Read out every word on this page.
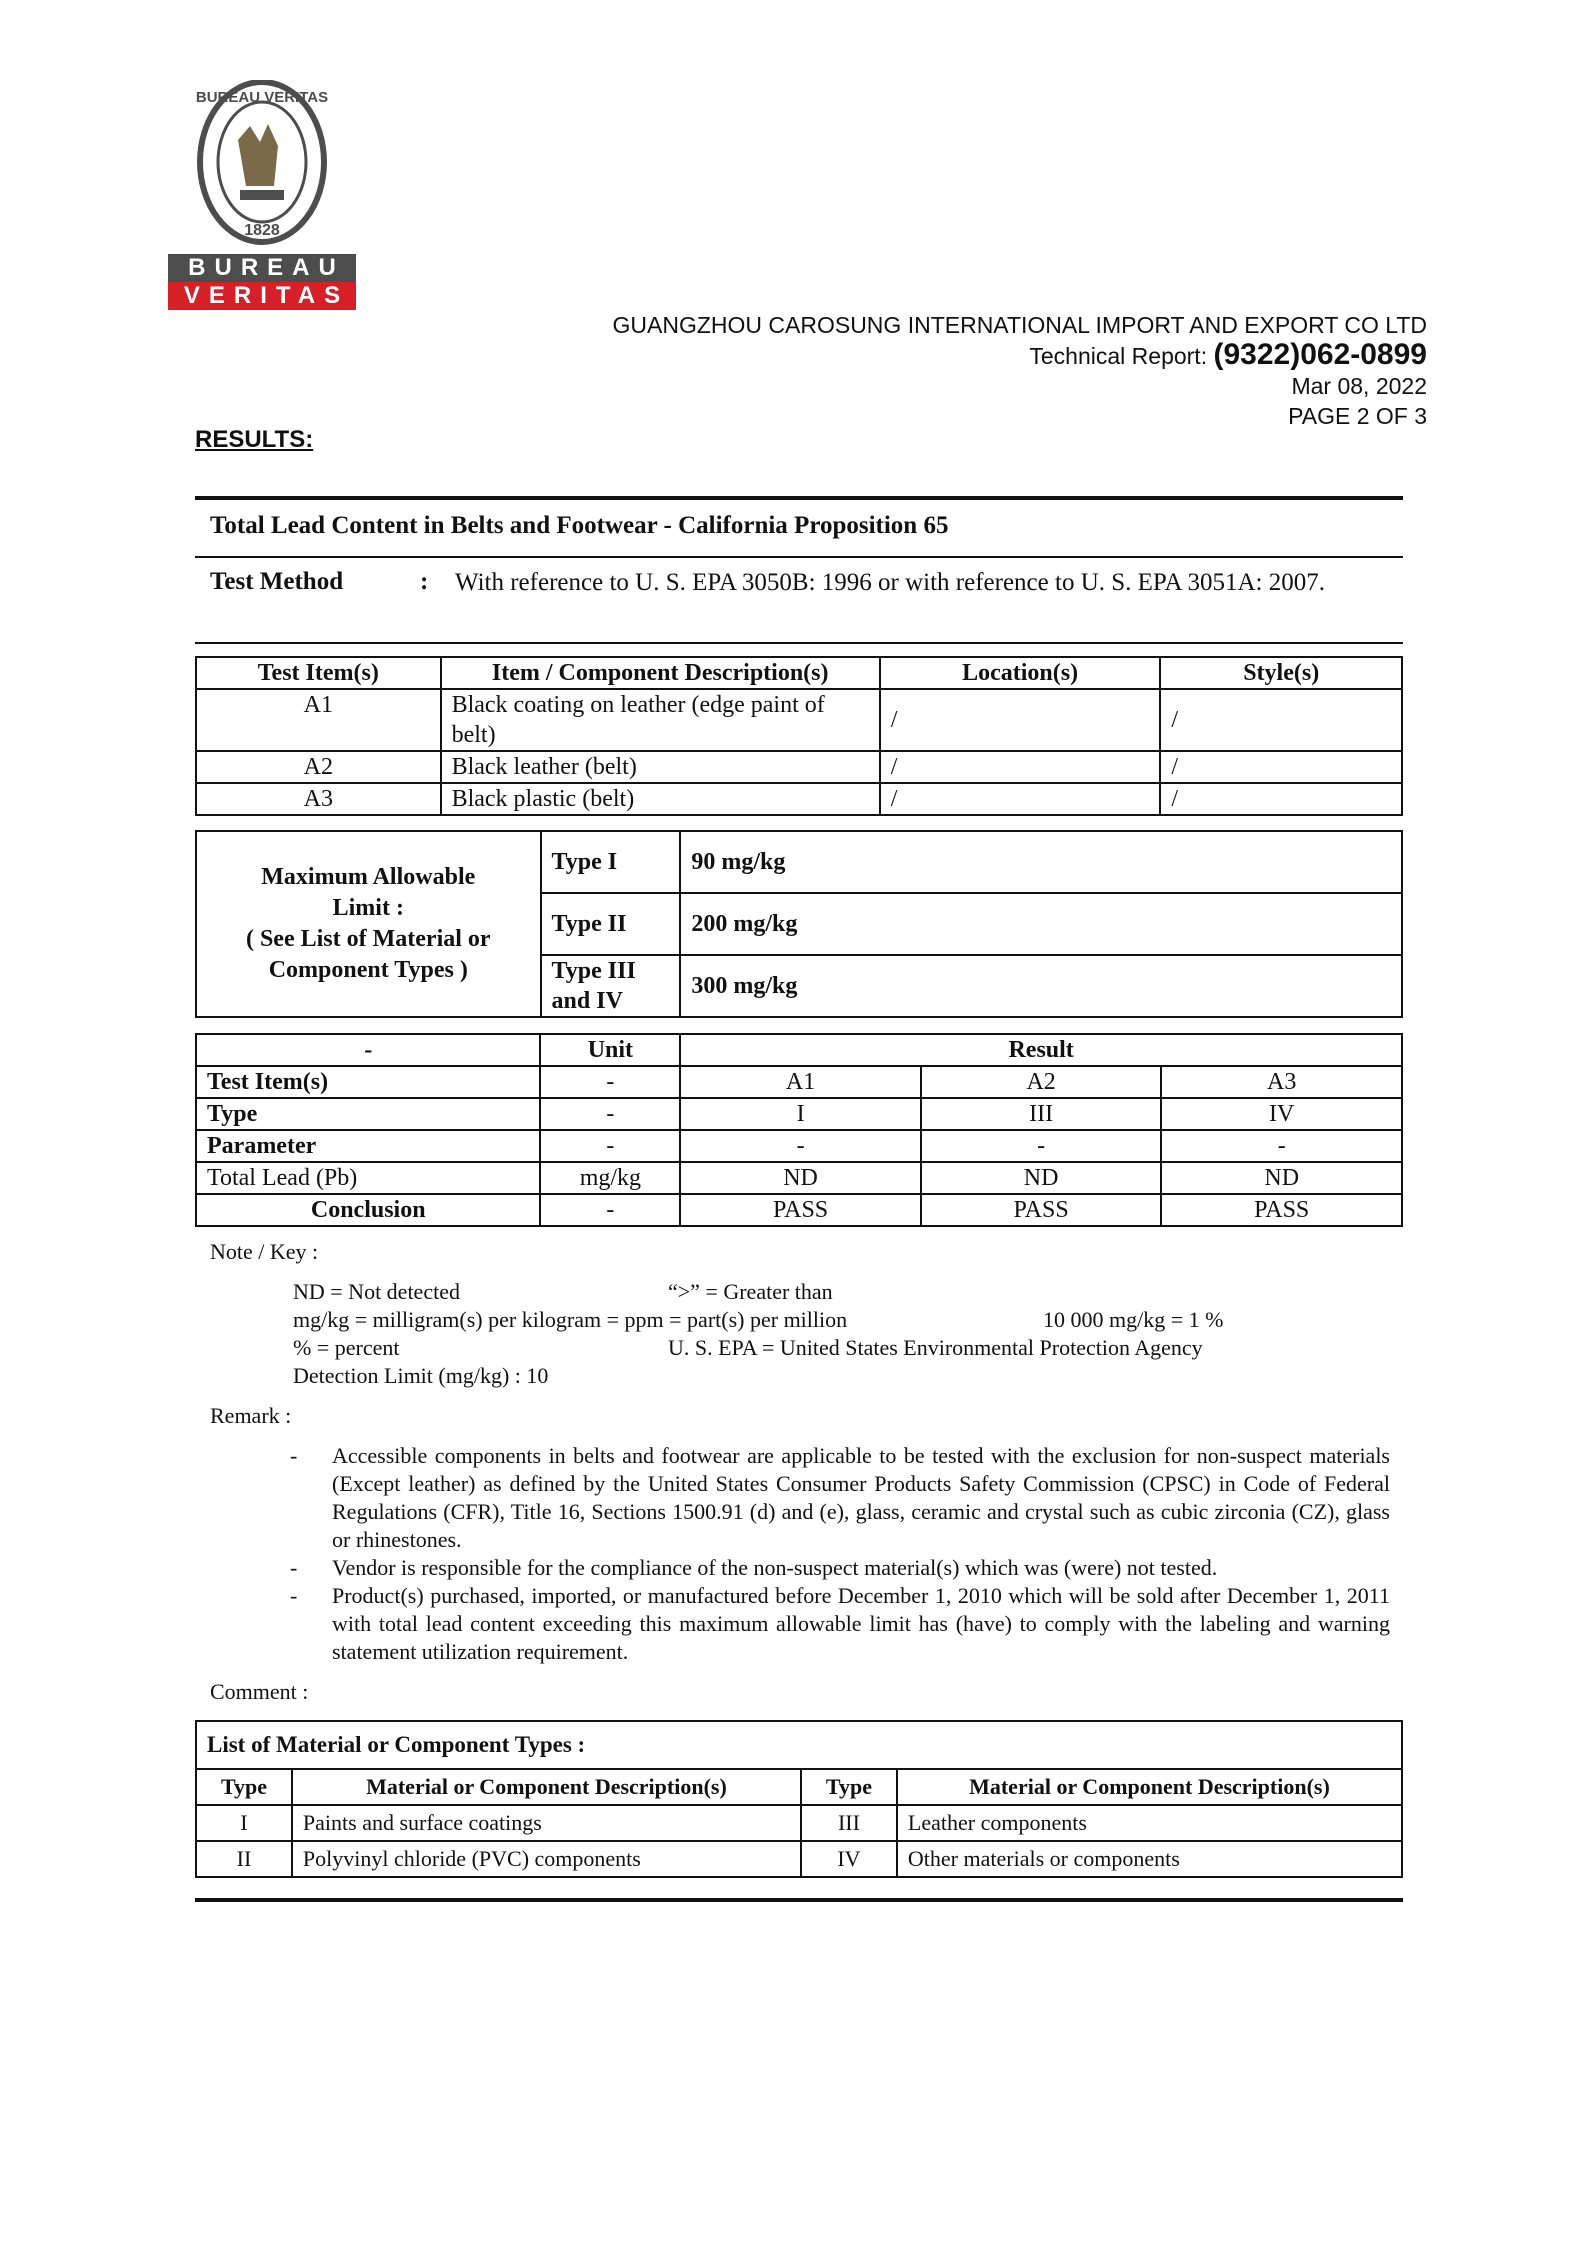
1828
BUREAU VERITAS
BUREAU
VERITAS
GUANGZHOU CAROSUNG INTERNATIONAL IMPORT AND EXPORT CO LTD
Technical Report: (9322)062-0899
Mar 08, 2022
PAGE 2 OF 3
RESULTS:
Total Lead Content in Belts and Footwear - California Proposition 65
Test Method	: With reference to U. S. EPA 3050B: 1996 or with reference to U. S. EPA 3051A: 2007.
Test Item(s)	Item / Component Description(s)	Location(s)	Style(s)
A1	Black coating on leather (edge paint of belt)	/	/
A2	Black leather (belt)	/	/
A3	Black plastic (belt)	/	/
Maximum Allowable
Limit :
( See List of Material or
Component Types )	Type I	90 mg/kg
	Type II	200 mg/kg
	Type III and IV	300 mg/kg
-	Unit	Result		
Test Item(s)	-	A1	A2	A3
Type	-	I	III	IV
Parameter	-	-	-	-
Total Lead (Pb)	mg/kg	ND	ND	ND
Conclusion	-	PASS	PASS	PASS
Note / Key :
ND = Not detected	“>” = Greater than
mg/kg = milligram(s) per kilogram = ppm = part(s) per million	10 000 mg/kg = 1 %
% = percent	U. S. EPA = United States Environmental Protection Agency
Detection Limit (mg/kg) : 10
Remark :
-	Accessible components in belts and footwear are applicable to be tested with the exclusion for non-suspect materials (Except leather) as defined by the United States Consumer Products Safety Commission (CPSC) in Code of Federal Regulations (CFR), Title 16, Sections 1500.91 (d) and (e), glass, ceramic and crystal such as cubic zirconia (CZ), glass or rhinestones.
-	Vendor is responsible for the compliance of the non-suspect material(s) which was (were) not tested.
-	Product(s) purchased, imported, or manufactured before December 1, 2010 which will be sold after December 1, 2011 with total lead content exceeding this maximum allowable limit has (have) to comply with the labeling and warning statement utilization requirement.
Comment :
List of Material or Component Types :			
Type	Material or Component Description(s)	Type	Material or Component Description(s)
I	Paints and surface coatings	III	Leather components
II	Polyvinyl chloride (PVC) components	IV	Other materials or components
